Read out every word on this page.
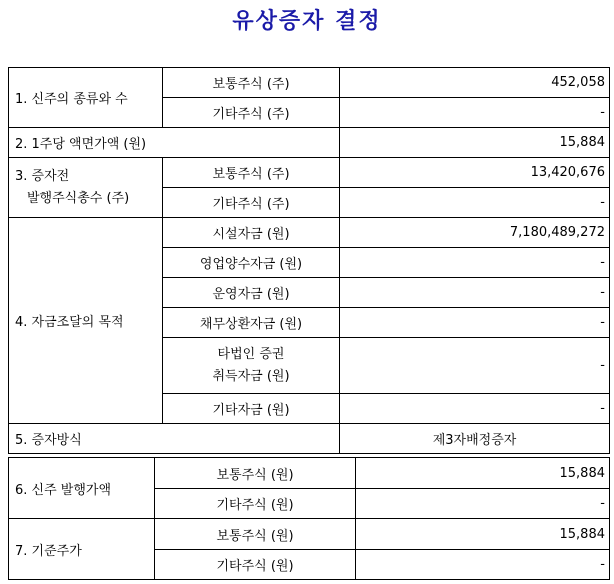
유상증자 결정
1. 신주의 종류와 수	보통주식 (주)	452,058
	기타주식 (주)	-
2. 1주당 액면가액 (원)		15,884

3. 증자전
발행주식총수 (주)	보통주식 (주)	13,420,676
	기타주식 (주)	-
4. 자금조달의 목적	시설자금 (원)	7,180,489,272
	영업양수자금 (원)	-
	운영자금 (원)	-
	채무상환자금 (원)	-

	타법인 증권
취득자금 (원)	-
	기타자금 (원)	-
5. 증자방식		제3자배정증자
6. 신주 발행가액	보통주식 (원)	15,884
	기타주식 (원)	-
7. 기준주가	보통주식 (원)	15,884
	기타주식 (원)	-
